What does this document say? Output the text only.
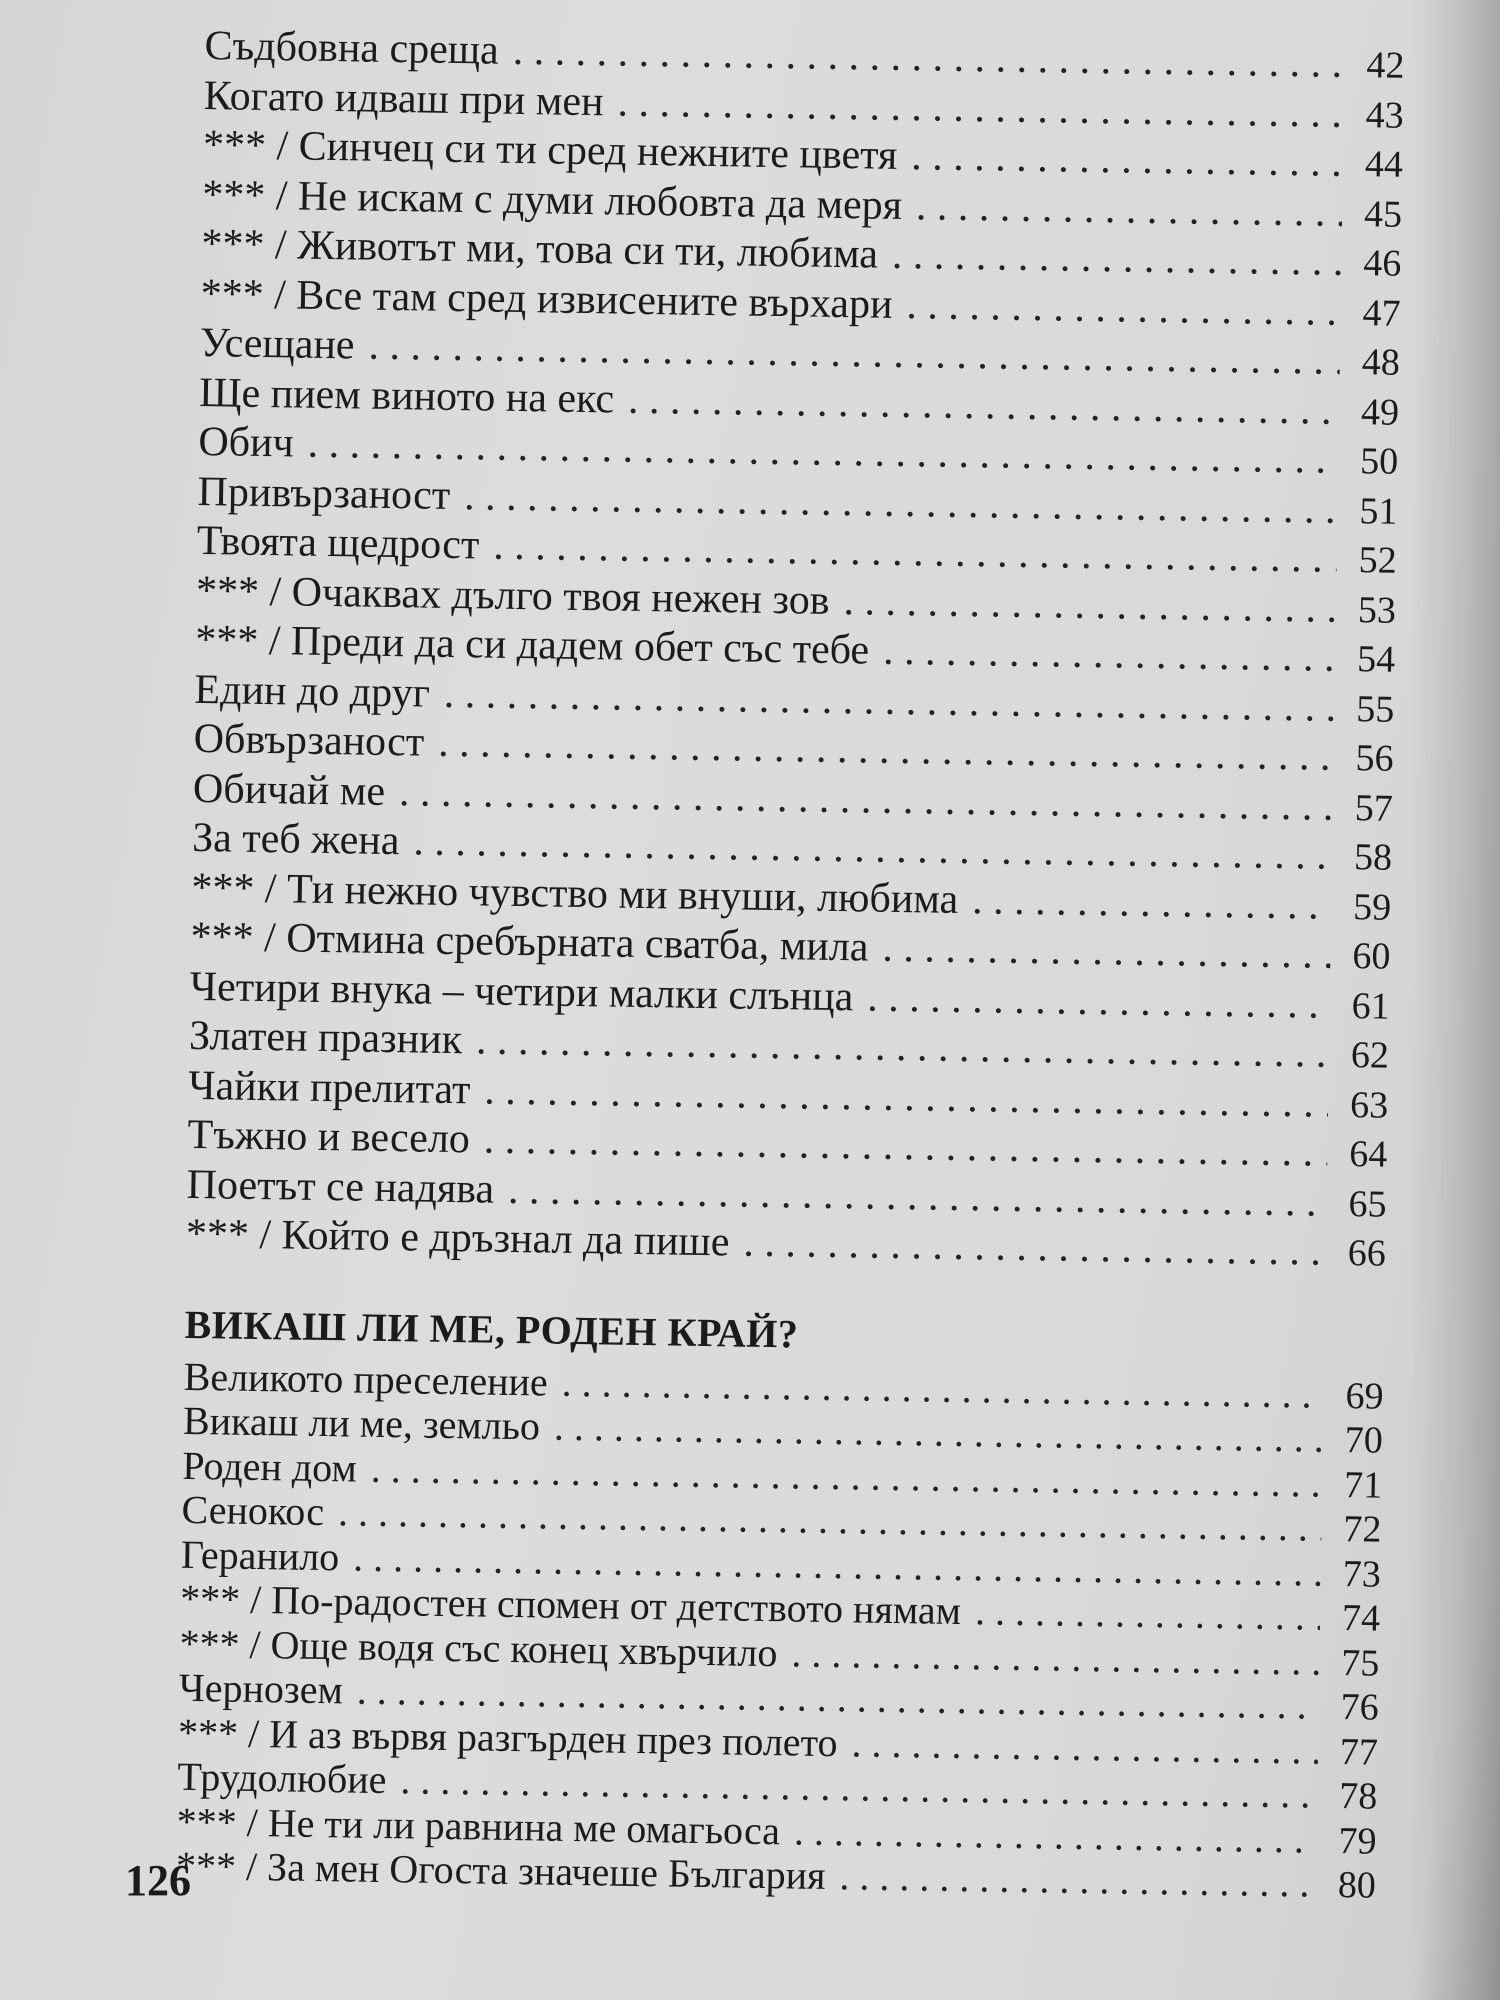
Съдбовна среща . . .	42
Когато идваш при мен . . .	43
*** / Синчец си ти сред нежните цветя . . .	44
*** / Не искам с думи любовта да меря . . .	45
*** / Животът ми, това си ти, любима . . .	46
*** / Все там сред извисените върхари . . .	47
Усещане . . .	48
Ще пием виното на екс . . .	49
Обич . . .	50
Привързаност . . .	51
Твоята щедрост . . .	52
*** / Очаквах дълго твоя нежен зов . . .	53
*** / Преди да си дадем обет със тебе . . .	54
Един до друг . . .	55
Обвързаност . . .	56
Обичай ме . . .	57
За теб жена . . .	58
*** / Ти нежно чувство ми внуши, любима . . .	59
*** / Отмина сребърната сватба, мила . . .	60
Четири внука – четири малки слънца . . .	61
Златен празник . . .	62
Чайки прелитат . . .	63
Тъжно и весело . . .	64
Поетът се надява . . .	65
*** / Който е дръзнал да пише . . .	66
ВИКАШ ЛИ МЕ, РОДЕН КРАЙ?
Великото преселение . . .	69
Викаш ли ме, земльо . . .	70
Роден дом . . .	71
Сенокос . . .	72
Геранило . . .	73
*** / По-радостен спомен от детството нямам . . .	74
*** / Още водя със конец хвърчило . . .	75
Чернозем . . .	76
*** / И аз вървя разгърден през полето . . .	77
Трудолюбие . . .	78
*** / Не ти ли равнина ме омагьоса . . .	79
*** / За мен Огоста значеше България . . .	80
126
